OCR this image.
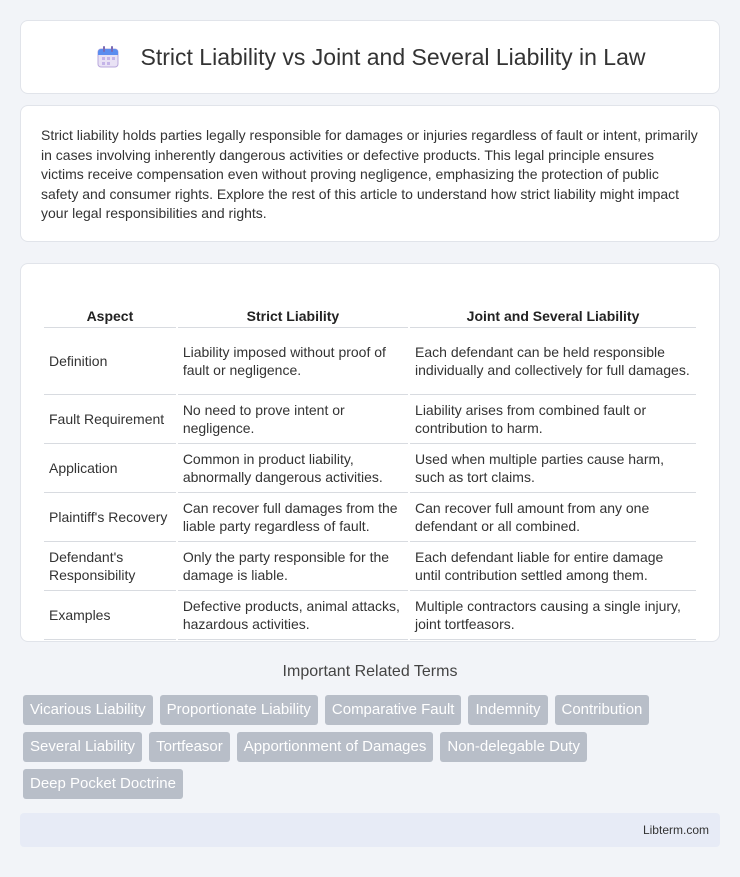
Strict Liability vs Joint and Several Liability in Law

Strict liability holds parties legally responsible for damages or injuries regardless of fault or intent, primarily in cases involving inherently dangerous activities or defective products. This legal principle ensures victims receive compensation even without proving negligence, emphasizing the protection of public safety and consumer rights. Explore the rest of this article to understand how strict liability might impact your legal responsibilities and rights.

Aspect	Strict Liability	Joint and Several Liability
Definition	Liability imposed without proof of fault or negligence.	Each defendant can be held responsible individually and collectively for full damages.
Fault Requirement	No need to prove intent or negligence.	Liability arises from combined fault or contribution to harm.
Application	Common in product liability, abnormally dangerous activities.	Used when multiple parties cause harm, such as tort claims.
Plaintiff's Recovery	Can recover full damages from the liable party regardless of fault.	Can recover full amount from any one defendant or all combined.
Defendant's Responsibility	Only the party responsible for the damage is liable.	Each defendant liable for entire damage until contribution settled among them.
Examples	Defective products, animal attacks, hazardous activities.	Multiple contractors causing a single injury, joint tortfeasors.
Important Related Terms
Vicarious Liability	Proportionate Liability	Comparative Fault	Indemnity	Contribution
Several Liability	Tortfeasor	Apportionment of Damages	Non-delegable Duty
Deep Pocket Doctrine
Libterm.com
